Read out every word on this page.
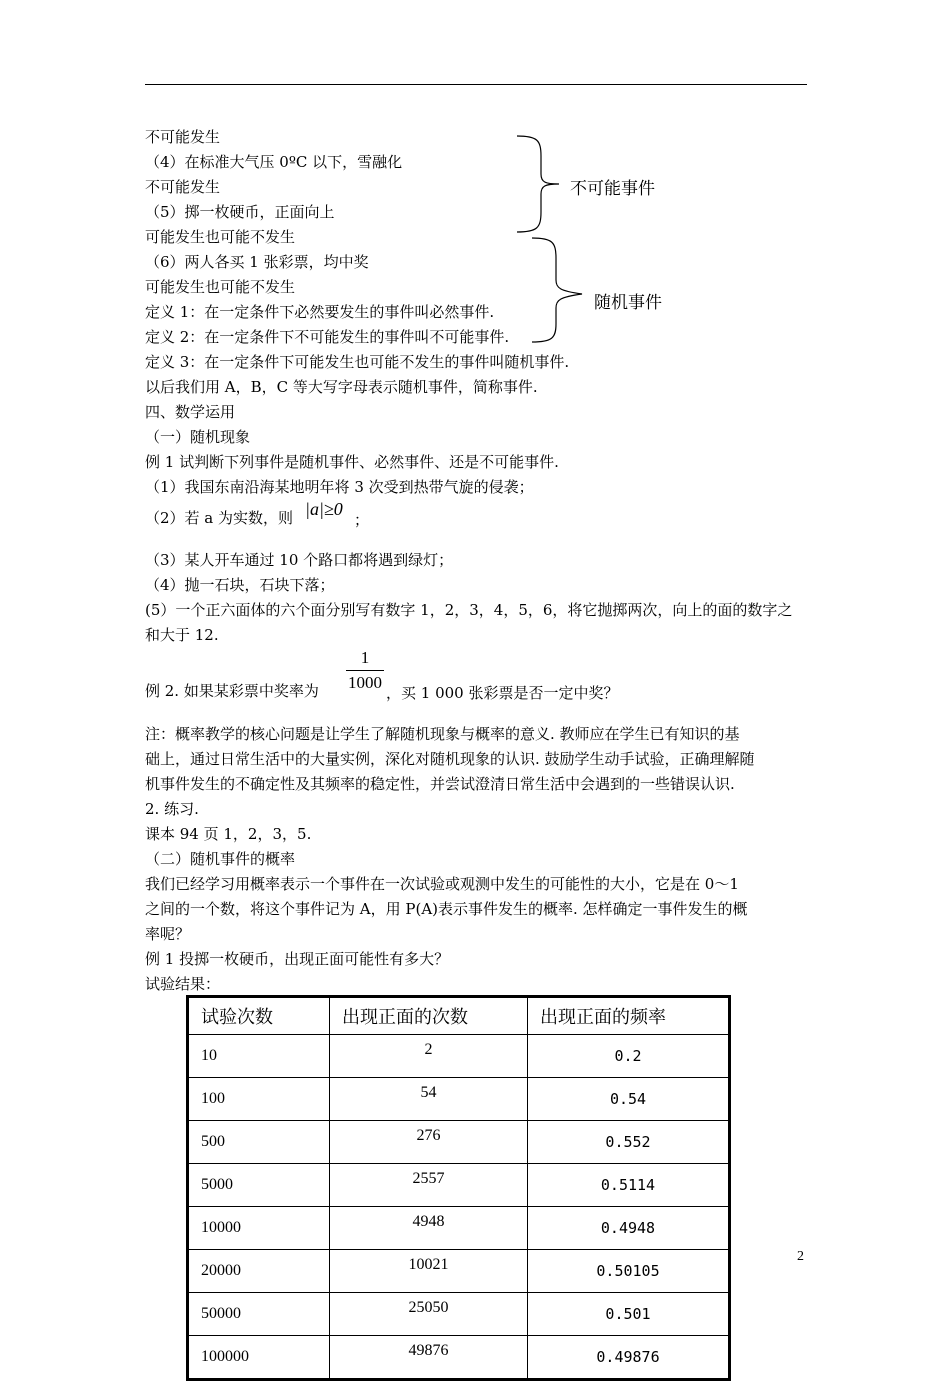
不可能发生
（4）在标准大气压 0ºC 以下，雪融化
不可能发生
（5）掷一枚硬币，正面向上
可能发生也可能不发生
（6）两人各买 1 张彩票，均中奖
可能发生也可能不发生
定义 1：在一定条件下必然要发生的事件叫必然事件.
定义 2：在一定条件下不可能发生的事件叫不可能事件.
定义 3：在一定条件下可能发生也可能不发生的事件叫随机事件.
以后我们用 A，B，C 等大写字母表示随机事件，简称事件.
四、数学运用
（一）随机现象
例 1 试判断下列事件是随机事件、必然事件、还是不可能事件.
（1）我国东南沿海某地明年将 3 次受到热带气旋的侵袭；
（2）若 a 为实数，则 |a|≥0
；
（3）某人开车通过 10 个路口都将遇到绿灯；
（4）抛一石块，石块下落；
(5）一个正六面体的六个面分别写有数字 1，2，3，4，5，6，将它抛掷两次，向上的面的数字之
和大于 12.
例 2. 如果某彩票中奖率为
1
1000
，买 1 000 张彩票是否一定中奖？
注：概率教学的核心问题是让学生了解随机现象与概率的意义. 教师应在学生已有知识的基
础上，通过日常生活中的大量实例，深化对随机现象的认识. 鼓励学生动手试验，正确理解随
机事件发生的不确定性及其频率的稳定性，并尝试澄清日常生活中会遇到的一些错误认识.
2. 练习.
课本 94 页 1，2，3，5.
（二）随机事件的概率
我们已经学习用概率表示一个事件在一次试验或观测中发生的可能性的大小，它是在 0～1
之间的一个数，将这个事件记为 A，用 P(A)表示事件发生的概率. 怎样确定一事件发生的概
率呢？
例 1 投掷一枚硬币，出现正面可能性有多大？
试验结果：
不可能事件
随机事件
试验次数	出现正面的次数	出现正面的频率
10	2	0.2
100	54	0.54
500	276	0.552
5000	2557	0.5114
10000	4948	0.4948
20000	10021	0.50105
50000	25050	0.501
100000	49876	0.49876
2
